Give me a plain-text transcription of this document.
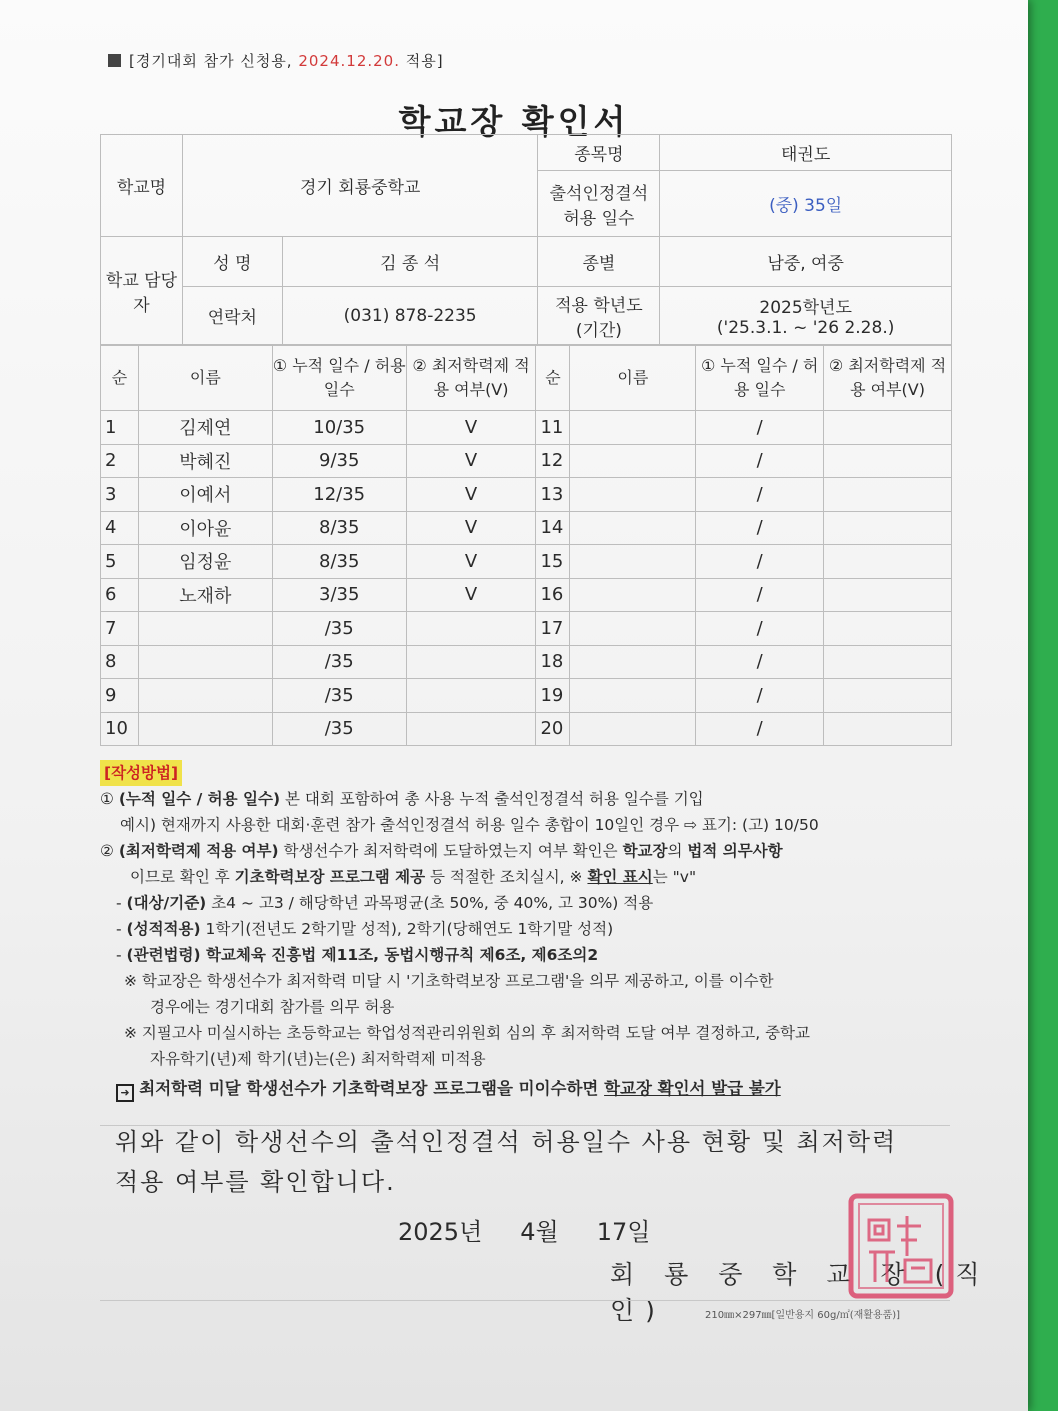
[경기대회 참가 신청용, 2024.12.20. 적용]
학교장 확인서
학교명	경기 회룡중학교		종목명	태권도
			출석인정결석 허용 일수	(중) 35일
학교 담당자	성 명	김 종 석	종별	남중, 여중
	연락처	(031) 878-2235	적용 학년도 (기간)	2025학년도
('25.3.1. ~ '26 2.28.)
순	이름	① 누적 일수 / 허용 일수	② 최저학력제 적용 여부(V)	순	이름	① 누적 일수 / 허용 일수	② 최저학력제 적용 여부(V)
1	김제연	10/35	V	11		/	
2	박혜진	9/35	V	12		/	
3	이예서	12/35	V	13		/	
4	이아윤	8/35	V	14		/	
5	임정윤	8/35	V	15		/	
6	노재하	3/35	V	16		/	
7		/35		17		/	
8		/35		18		/	
9		/35		19		/	
10		/35		20		/	
[작성방법]
① (누적 일수 / 허용 일수) 본 대회 포함하여 총 사용 누적 출석인정결석 허용 일수를 기입
예시) 현재까지 사용한 대회·훈련 참가 출석인정결석 허용 일수 총합이 10일인 경우 ⇨ 표기: (고) 10/50
② (최저학력제 적용 여부) 학생선수가 최저학력에 도달하였는지 여부 확인은 학교장의 법적 의무사항
이므로 확인 후 기초학력보장 프로그램 제공 등 적절한 조치실시, ※ 확인 표시는 "v"
- (대상/기준) 초4 ~ 고3 / 해당학년 과목평균(초 50%, 중 40%, 고 30%) 적용
- (성적적용) 1학기(전년도 2학기말 성적), 2학기(당해연도 1학기말 성적)
- (관련법령) 학교체육 진흥법 제11조, 동법시행규칙 제6조, 제6조의2
※ 학교장은 학생선수가 최저학력 미달 시 '기초학력보장 프로그램'을 의무 제공하고, 이를 이수한
경우에는 경기대회 참가를 의무 허용
※ 지필고사 미실시하는 초등학교는 학업성적관리위원회 심의 후 최저학력 도달 여부 결정하고, 중학교
자유학기(년)제 학기(년)는(은) 최저학력제 미적용
➜ 최저학력 미달 학생선수가 기초학력보장 프로그램을 미이수하면 학교장 확인서 발급 불가
위와 같이 학생선수의 출석인정결석 허용일수 사용 현황 및 최저학력
적용 여부를 확인합니다.
2025년 4월 17일
회 룡 중 학 교 장 (직인)	210㎜×297㎜[일반용지 60g/㎡(재활용품)]
